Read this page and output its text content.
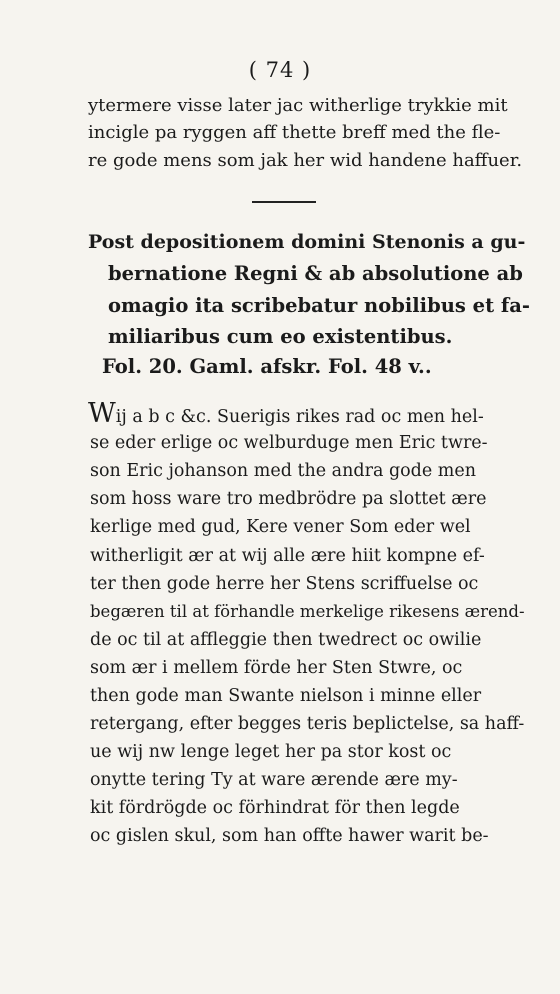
( 74 )
ytermere visse later jac witherlige trykkie mit
incigle pa ryggen aff thette breff med the fle-
re gode mens som jak her wid handene haffuer.
Post depositionem domini Stenonis a gu-
bernatione Regni & ab absolutione ab
omagio ita scribebatur nobilibus et fa-
miliaribus cum eo existentibus.
Fol. 20. Gaml. afskr. Fol. 48 v..
Wij a b c &c. Suerigis rikes rad oc men hel-
se eder erlige oc welburduge men Eric twre-
son Eric johanson med the andra gode men
som hoss ware tro medbrödre pa slottet ære
kerlige med gud, Kere vener Som eder wel
witherligit ær at wij alle ære hiit kompne ef-
ter then gode herre her Stens scriffuelse oc
begæren til at förhandle merkelige rikesens ærend-
de oc til at affleggie then twedrect oc owilie
som ær i mellem förde her Sten Stwre, oc
then gode man Swante nielson i minne eller
retergang, efter begges teris beplictelse, sa haff-
ue wij nw lenge leget her pa stor kost oc
onytte tering Ty at ware ærende ære my-
kit fördrögde oc förhindrat för then legde
oc gislen skul, som han offte hawer warit be-
